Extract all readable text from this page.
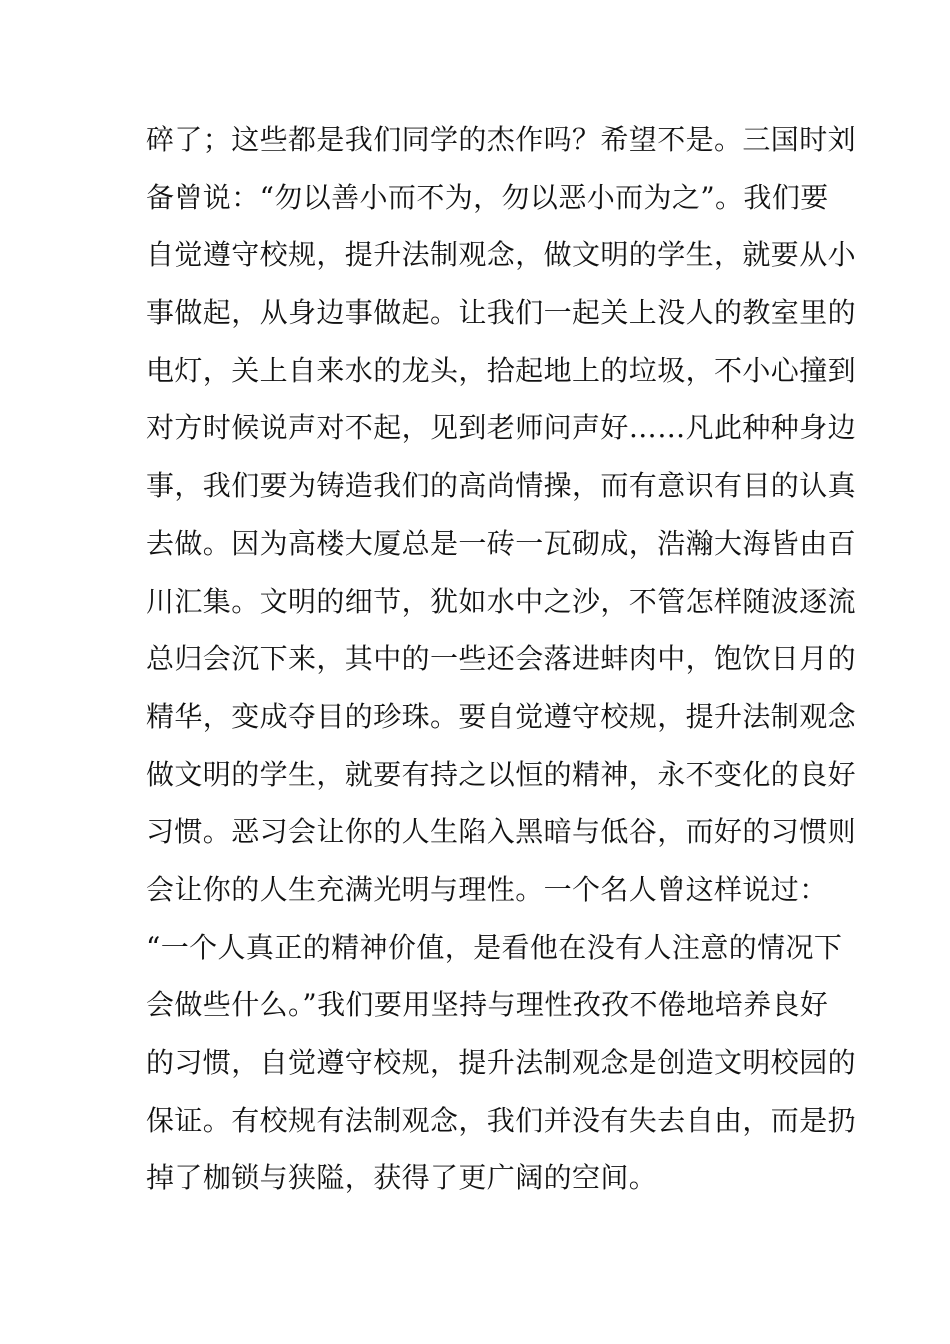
碎了；这些都是我们同学的杰作吗？希望不是。三国时刘
备曾说：“勿以善小而不为，勿以恶小而为之”。我们要
自觉遵守校规，提升法制观念，做文明的学生，就要从小
事做起，从身边事做起。让我们一起关上没人的教室里的
电灯，关上自来水的龙头，拾起地上的垃圾，不小心撞到
对方时候说声对不起，见到老师问声好……凡此种种身边
事，我们要为铸造我们的高尚情操，而有意识有目的认真
去做。因为高楼大厦总是一砖一瓦砌成，浩瀚大海皆由百
川汇集。文明的细节，犹如水中之沙，不管怎样随波逐流
总归会沉下来，其中的一些还会落进蚌肉中，饱饮日月的
精华，变成夺目的珍珠。要自觉遵守校规，提升法制观念
做文明的学生，就要有持之以恒的精神，永不变化的良好
习惯。恶习会让你的人生陷入黑暗与低谷，而好的习惯则
会让你的人生充满光明与理性。一个名人曾这样说过：
“一个人真正的精神价值，是看他在没有人注意的情况下
会做些什么。”我们要用坚持与理性孜孜不倦地培养良好
的习惯，自觉遵守校规，提升法制观念是创造文明校园的
保证。有校规有法制观念，我们并没有失去自由，而是扔
掉了枷锁与狭隘，获得了更广阔的空间。
